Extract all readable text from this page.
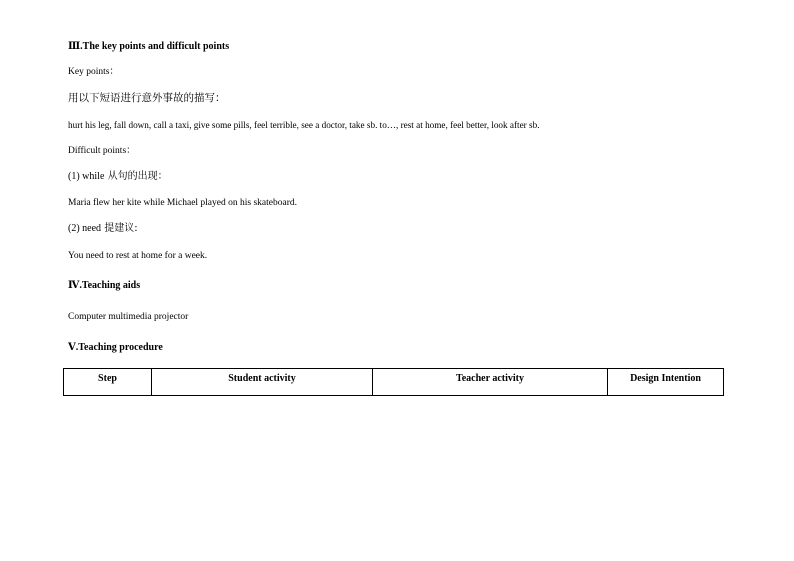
Ⅲ.The key points and difficult points
Key points：
用以下短语进行意外事故的描写：
hurt his leg, fall down, call a taxi, give some pills, feel terrible, see a doctor, take sb. to…, rest at home, feel better, look after sb.
Difficult points：
(1) while 从句的出现：
Maria flew her kite while Michael played on his skateboard.
(2) need 提建议:
You need to rest at home for a week.
Ⅳ.Teaching aids
Computer multimedia projector
Ⅴ.Teaching procedure
Step	Student activity	Teacher activity	Design Intention
